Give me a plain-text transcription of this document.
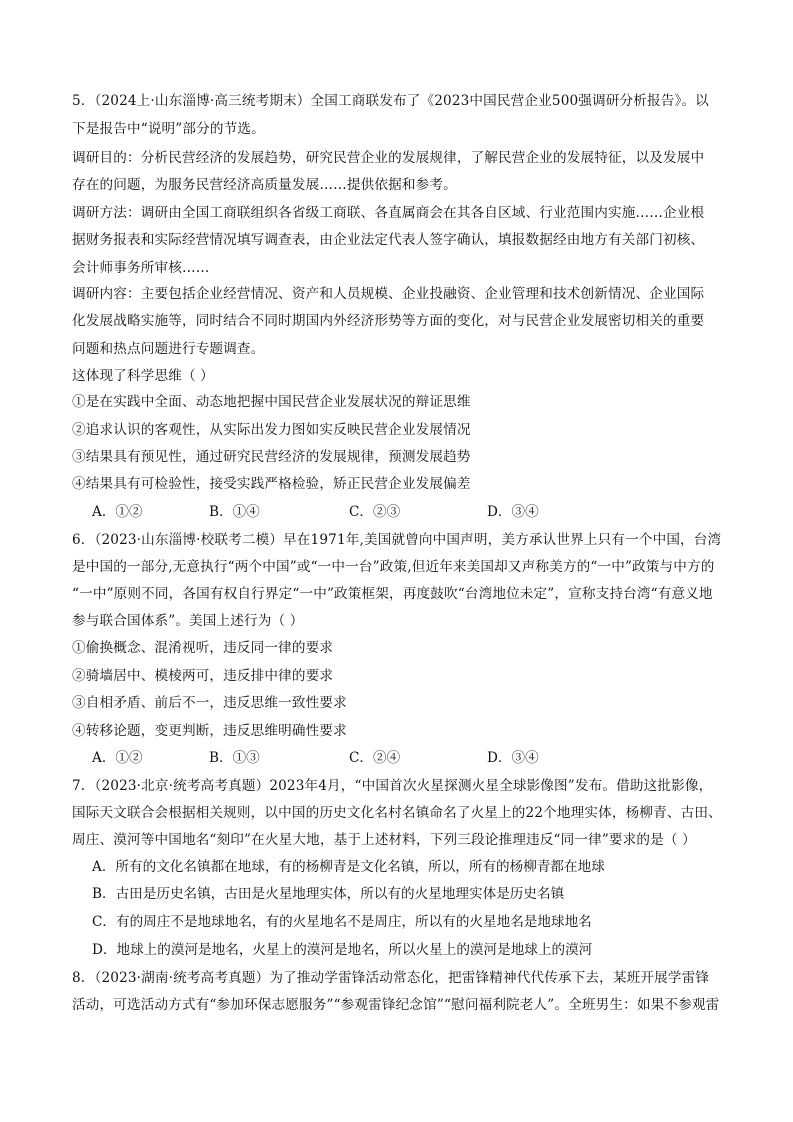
5．（2024上·山东淄博·高三统考期末）全国工商联发布了《2023中国民营企业500强调研分析报告》。以
下是报告中“说明”部分的节选。
调研目的：分析民营经济的发展趋势，研究民营企业的发展规律，了解民营企业的发展特征，以及发展中
存在的问题，为服务民营经济高质量发展……提供依据和参考。
调研方法：调研由全国工商联组织各省级工商联、各直属商会在其各自区域、行业范围内实施……企业根
据财务报表和实际经营情况填写调查表，由企业法定代表人签字确认，填报数据经由地方有关部门初核、
会计师事务所审核……
调研内容：主要包括企业经营情况、资产和人员规模、企业投融资、企业管理和技术创新情况、企业国际
化发展战略实施等，同时结合不同时期国内外经济形势等方面的变化，对与民营企业发展密切相关的重要
问题和热点问题进行专题调查。
这体现了科学思维（ ）
①是在实践中全面、动态地把握中国民营企业发展状况的辩证思维
②追求认识的客观性，从实际出发力图如实反映民营企业发展情况
③结果具有预见性，通过研究民营经济的发展规律，预测发展趋势
④结果具有可检验性，接受实践严格检验，矫正民营企业发展偏差
A．①②	B．①④	C．②③	D．③④
6．（2023·山东淄博·校联考二模）早在1971年,美国就曾向中国声明，美方承认世界上只有一个中国，台湾
是中国的一部分,无意执行“两个中国”或“一中一台”政策,但近年来美国却又声称美方的“一中”政策与中方的
“一中”原则不同，各国有权自行界定“一中”政策框架，再度鼓吹“台湾地位未定”，宣称支持台湾“有意义地
参与联合国体系”。美国上述行为（ ）
①偷换概念、混淆视听，违反同一律的要求
②骑墙居中、模棱两可，违反排中律的要求
③自相矛盾、前后不一，违反思维一致性要求
④转移论题，变更判断，违反思维明确性要求
A．①②	B．①③	C．②④	D．③④
7．（2023·北京·统考高考真题）2023年4月，“中国首次火星探测火星全球影像图”发布。借助这批影像，
国际天文联合会根据相关规则，以中国的历史文化名村名镇命名了火星上的22个地理实体，杨柳青、古田、
周庄、漠河等中国地名“刻印”在火星大地，基于上述材料，下列三段论推理违反“同一律”要求的是（ ）
A．所有的文化名镇都在地球，有的杨柳青是文化名镇，所以，所有的杨柳青都在地球
B．古田是历史名镇，古田是火星地理实体，所以有的火星地理实体是历史名镇
C．有的周庄不是地球地名，有的火星地名不是周庄，所以有的火星地名是地球地名
D．地球上的漠河是地名，火星上的漠河是地名，所以火星上的漠河是地球上的漠河
8．（2023·湖南·统考高考真题）为了推动学雷锋活动常态化，把雷锋精神代代传承下去，某班开展学雷锋
活动，可选活动方式有“参加环保志愿服务”“参观雷锋纪念馆”“慰问福利院老人”。全班男生：如果不参观雷
